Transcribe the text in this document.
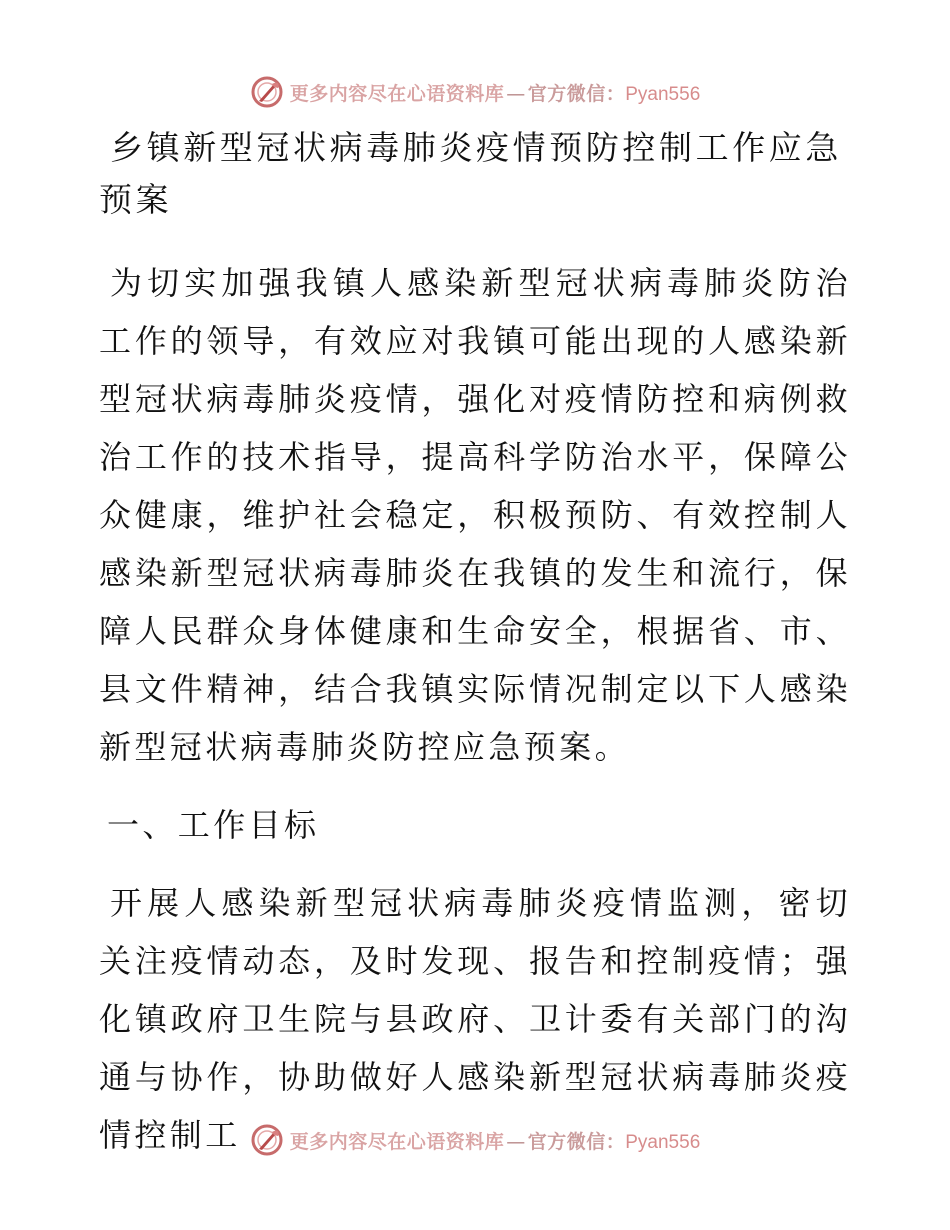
更多内容尽在心语资料库 — 官方微信：Pyan556
乡镇新型冠状病毒肺炎疫情预防控制工作应急预案

为切实加强我镇人感染新型冠状病毒肺炎防治工作的领导，有效应对我镇可能出现的人感染新型冠状病毒肺炎疫情，强化对疫情防控和病例救治工作的技术指导，提高科学防治水平，保障公众健康，维护社会稳定，积极预防、有效控制人感染新型冠状病毒肺炎在我镇的发生和流行，保障人民群众身体健康和生命安全，根据省、市、县文件精神，结合我镇实际情况制定以下人感染新型冠状病毒肺炎防控应急预案。

一、工作目标

开展人感染新型冠状病毒肺炎疫情监测，密切关注疫情动态，及时发现、报告和控制疫情；强化镇政府卫生院与县政府、卫计委有关部门的沟通与协作，协助做好人感染新型冠状病毒肺炎疫情控制工	更多内容尽在心语资料库 — 官方微信：Pyan556
